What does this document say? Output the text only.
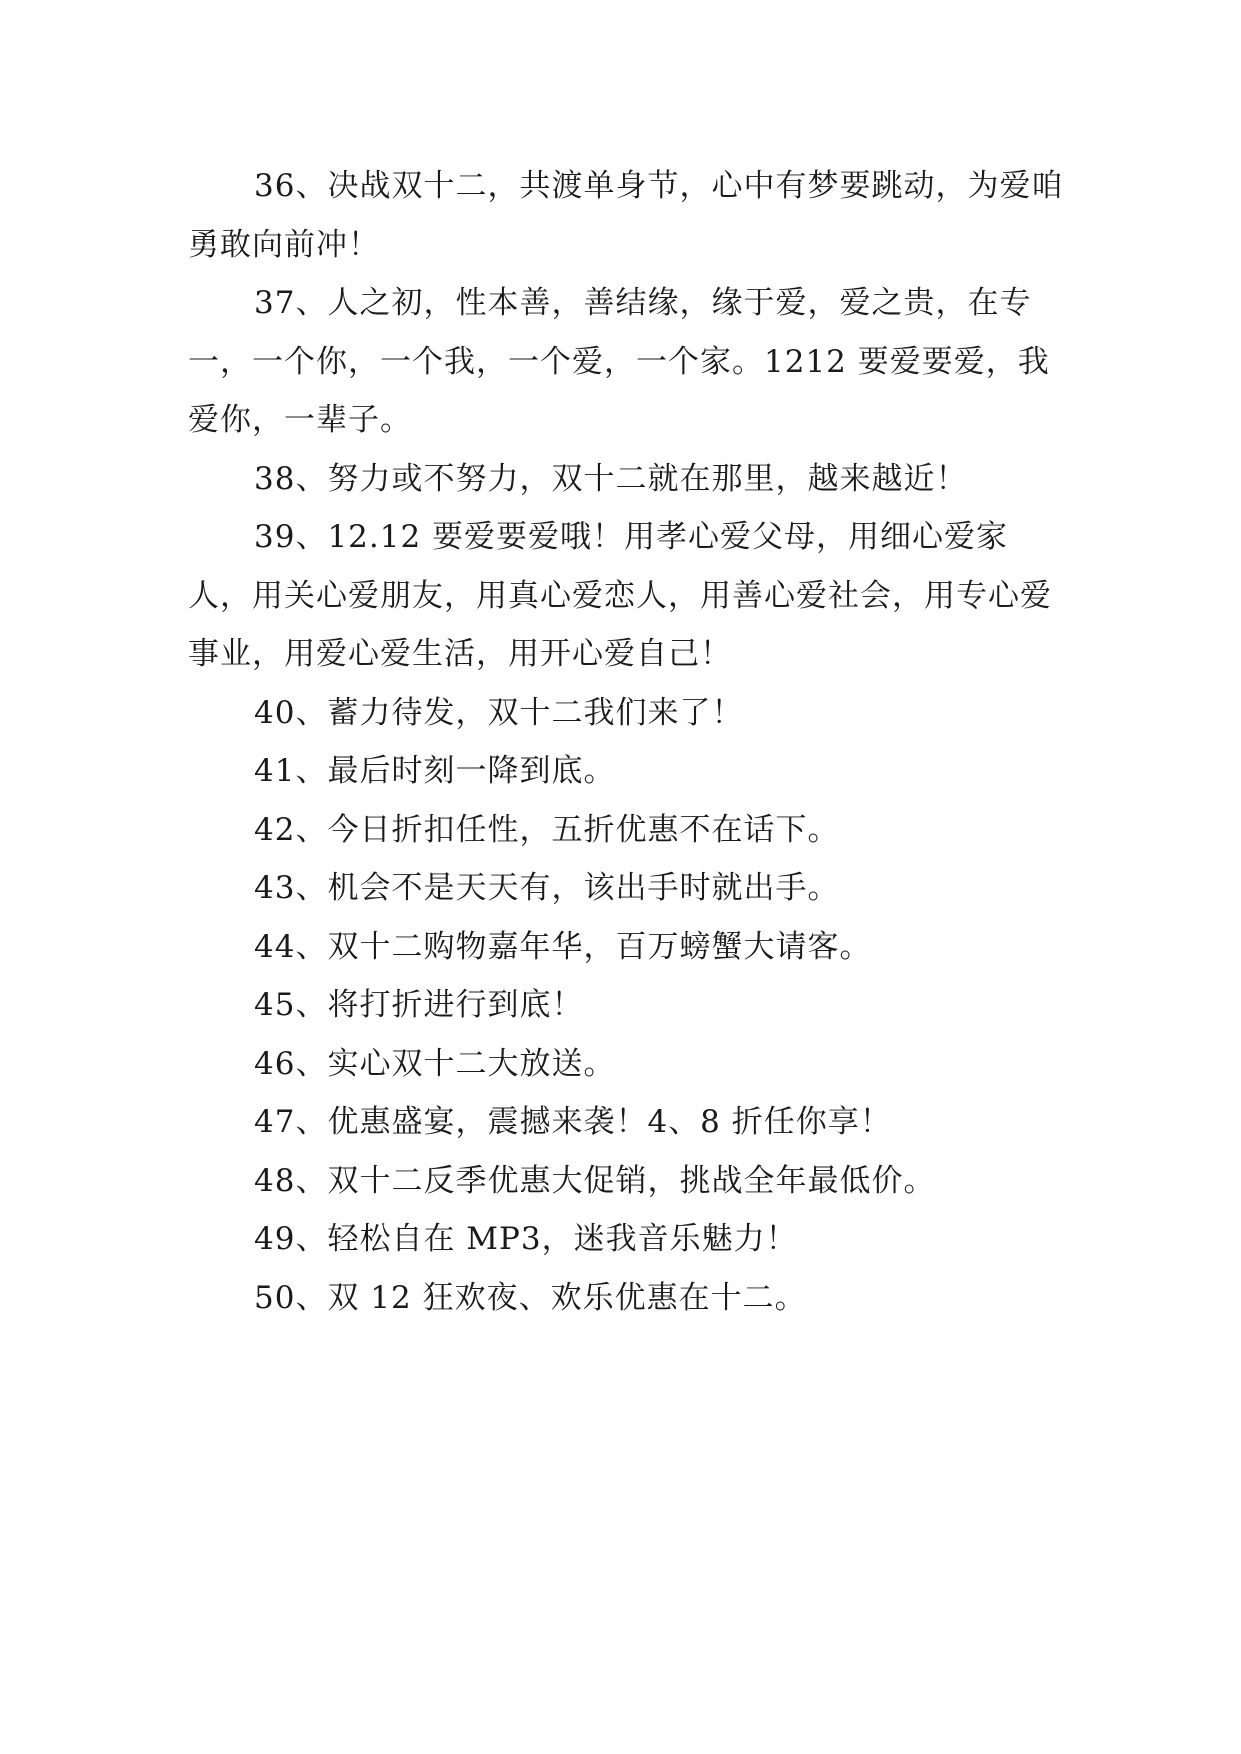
36、决战双十二，共渡单身节，心中有梦要跳动，为爱咱勇敢向前冲！

37、人之初，性本善，善结缘，缘于爱，爱之贵，在专一，一个你，一个我，一个爱，一个家。1212 要爱要爱，我爱你，一辈子。

38、努力或不努力，双十二就在那里，越来越近！

39、12.12 要爱要爱哦！用孝心爱父母，用细心爱家人，用关心爱朋友，用真心爱恋人，用善心爱社会，用专心爱事业，用爱心爱生活，用开心爱自己！

40、蓄力待发，双十二我们来了！

41、最后时刻一降到底。

42、今日折扣任性，五折优惠不在话下。

43、机会不是天天有，该出手时就出手。

44、双十二购物嘉年华，百万螃蟹大请客。

45、将打折进行到底！

46、实心双十二大放送。

47、优惠盛宴，震撼来袭！4、8 折任你享！

48、双十二反季优惠大促销，挑战全年最低价。

49、轻松自在 MP3，迷我音乐魅力！

50、双 12 狂欢夜、欢乐优惠在十二。
